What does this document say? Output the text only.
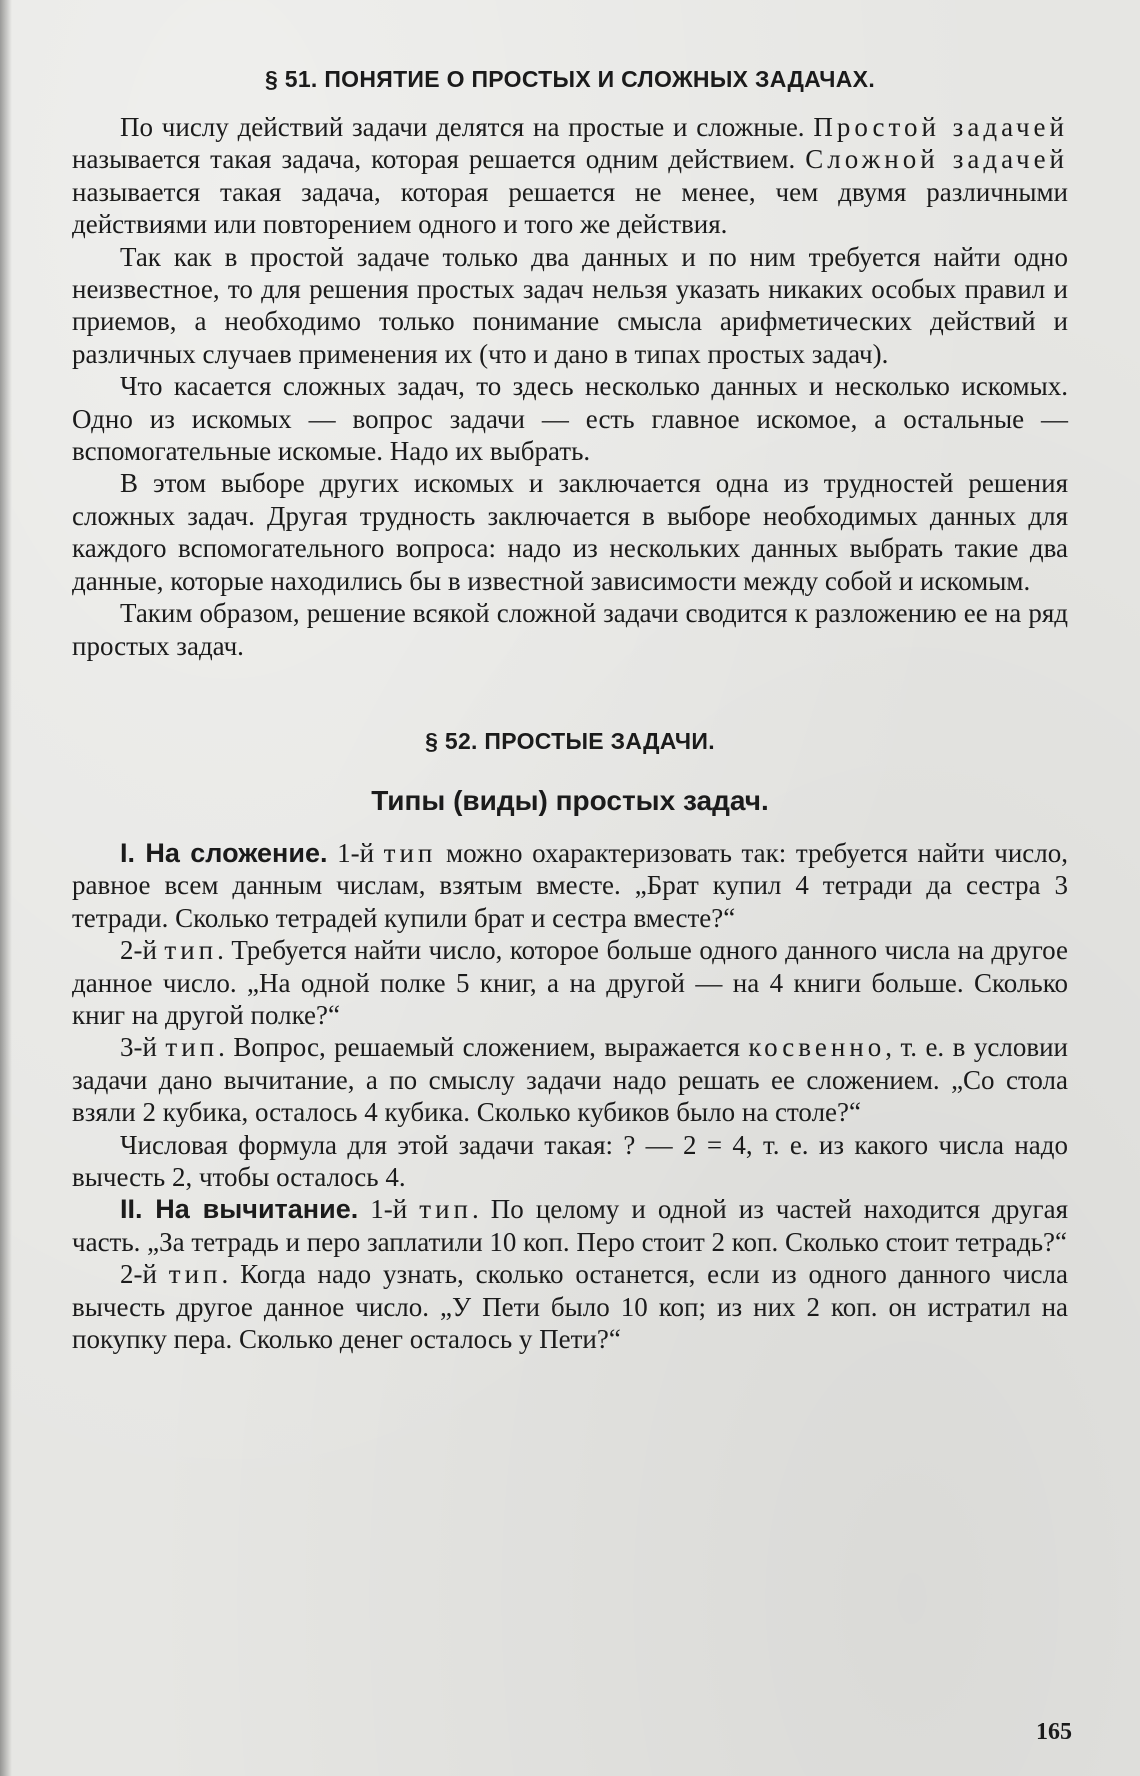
§ 51. ПОНЯТИЕ О ПРОСТЫХ И СЛОЖНЫХ ЗАДАЧАХ.

По числу действий задачи делятся на простые и сложные. Простой задачей называется такая задача, которая решается одним действием. Сложной задачей называется такая задача, которая решается не менее, чем двумя различными действиями или повторением одного и того же действия.

Так как в простой задаче только два данных и по ним требуется найти одно неизвестное, то для решения простых задач нельзя указать никаких особых правил и приемов, а необходимо только понимание смысла арифметических действий и различных случаев применения их (что и дано в типах простых задач).

Что касается сложных задач, то здесь несколько данных и несколько искомых. Одно из искомых — вопрос задачи — есть главное искомое, а остальные — вспомогательные искомые. Надо их выбрать.

В этом выборе других искомых и заключается одна из трудностей решения сложных задач. Другая трудность заключается в выборе необходимых данных для каждого вспомогательного вопроса: надо из нескольких данных выбрать такие два данные, которые находились бы в известной зависимости между собой и искомым.

Таким образом, решение всякой сложной задачи сводится к разложению ее на ряд простых задач.

§ 52. ПРОСТЫЕ ЗАДАЧИ.
Типы (виды) простых задач.

I. На сложение. 1-й тип можно охарактеризовать так: требуется найти число, равное всем данным числам, взятым вместе. „Брат купил 4 тетради да сестра 3 тетради. Сколько тетрадей купили брат и сестра вместе?“

2-й тип. Требуется найти число, которое больше одного данного числа на другое данное число. „На одной полке 5 книг, а на другой — на 4 книги больше. Сколько книг на другой полке?“

3-й тип. Вопрос, решаемый сложением, выражается косвенно, т. е. в условии задачи дано вычитание, а по смыслу задачи надо решать ее сложением. „Со стола взяли 2 кубика, осталось 4 кубика. Сколько кубиков было на столе?“

Числовая формула для этой задачи такая: ? — 2 = 4, т. е. из какого числа надо вычесть 2, чтобы осталось 4.

II. На вычитание. 1-й тип. По целому и одной из частей находится другая часть. „За тетрадь и перо заплатили 10 коп. Перо стоит 2 коп. Сколько стоит тетрадь?“

2-й тип. Когда надо узнать, сколько останется, если из одного данного числа вычесть другое данное число. „У Пети было 10 коп; из них 2 коп. он истратил на покупку пера. Сколько денег осталось у Пети?“

165
